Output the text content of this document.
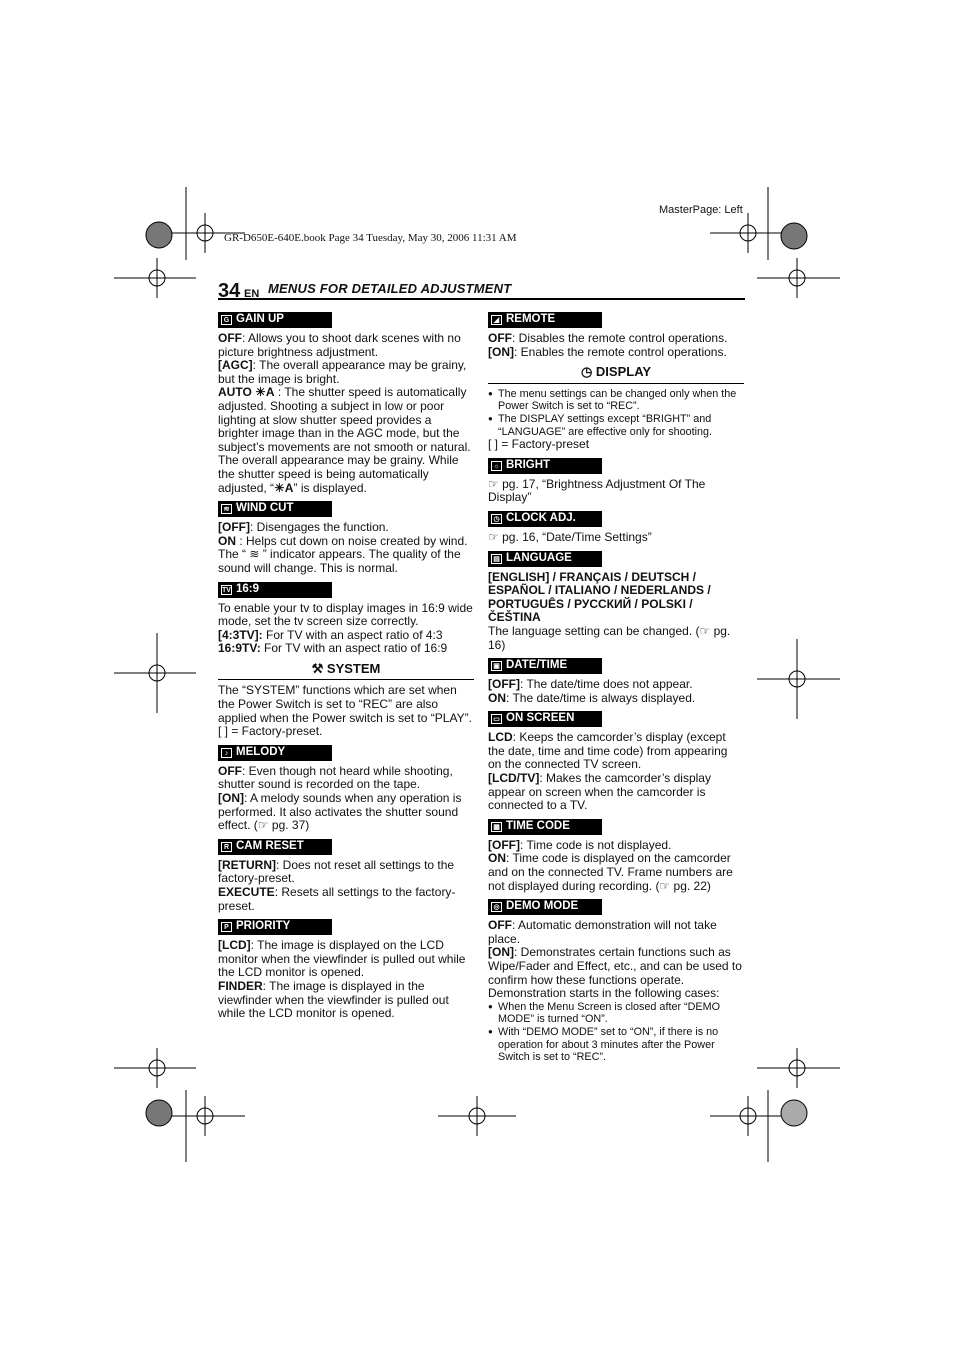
GR-D650E-640E.book Page 34 Tuesday, May 30, 2006 11:31 AM
MasterPage: Left
34 EN MENUS FOR DETAILED ADJUSTMENT
G GAIN UP

OFF: Allows you to shoot dark scenes with no picture brightness adjustment.

[AGC]: The overall appearance may be grainy, but the image is bright.

AUTO ☀A : The shutter speed is automatically adjusted. Shooting a subject in low or poor lighting at slow shutter speed provides a brighter image than in the AGC mode, but the subject’s movements are not smooth or natural. The overall appearance may be grainy. While the shutter speed is being automatically adjusted, “☀A” is displayed.

≋ WIND CUT

[OFF]: Disengages the function.

ON : Helps cut down on noise created by wind. The “ ≋ ” indicator appears. The quality of the sound will change. This is normal.

TV 16:9

To enable your tv to display images in 16:9 wide mode, set the tv screen size correctly.

[4:3TV]: For TV with an aspect ratio of 4:3

16:9TV: For TV with an aspect ratio of 16:9

⚒ SYSTEM

The “SYSTEM” functions which are set when the Power Switch is set to “REC” are also applied when the Power switch is set to “PLAY”.

[ ] = Factory-preset.

♪ MELODY

OFF: Even though not heard while shooting, shutter sound is recorded on the tape.

[ON]: A melody sounds when any operation is performed. It also activates the shutter sound effect. (☞ pg. 37)

R CAM RESET

[RETURN]: Does not reset all settings to the factory-preset.

EXECUTE: Resets all settings to the factory-preset.

P PRIORITY

[LCD]: The image is displayed on the LCD monitor when the viewfinder is pulled out while the LCD monitor is opened.

FINDER: The image is displayed in the viewfinder when the viewfinder is pulled out while the LCD monitor is opened.

◢ REMOTE

OFF: Disables the remote control operations.

[ON]: Enables the remote control operations.

◷ DISPLAY

● The menu settings can be changed only when the Power Switch is set to “REC”.

● The DISPLAY settings except “BRIGHT” and “LANGUAGE” are effective only for shooting.

[ ] = Factory-preset

☼ BRIGHT

☞ pg. 17, “Brightness Adjustment Of The Display”

◷ CLOCK ADJ.

☞ pg. 16, “Date/Time Settings”

▤ LANGUAGE

[ENGLISH] / FRANÇAIS / DEUTSCH / ESPAÑOL / ITALIANO / NEDERLANDS / PORTUGUÊS / РУССКИЙ / POLSKI / ČEŠTINA

The language setting can be changed. (☞ pg. 16)

▣ DATE/TIME

[OFF]: The date/time does not appear.

ON: The date/time is always displayed.

▭ ON SCREEN

LCD: Keeps the camcorder’s display (except the date, time and time code) from appearing on the connected TV screen.

[LCD/TV]: Makes the camcorder’s display appear on screen when the camcorder is connected to a TV.

▦ TIME CODE

[OFF]: Time code is not displayed.

ON: Time code is displayed on the camcorder and on the connected TV. Frame numbers are not displayed during recording. (☞ pg. 22)

◎ DEMO MODE

OFF: Automatic demonstration will not take place.

[ON]: Demonstrates certain functions such as Wipe/Fader and Effect, etc., and can be used to confirm how these functions operate.

Demonstration starts in the following cases:

● When the Menu Screen is closed after “DEMO MODE” is turned “ON”.

● With “DEMO MODE” set to “ON”, if there is no operation for about 3 minutes after the Power Switch is set to “REC”.
